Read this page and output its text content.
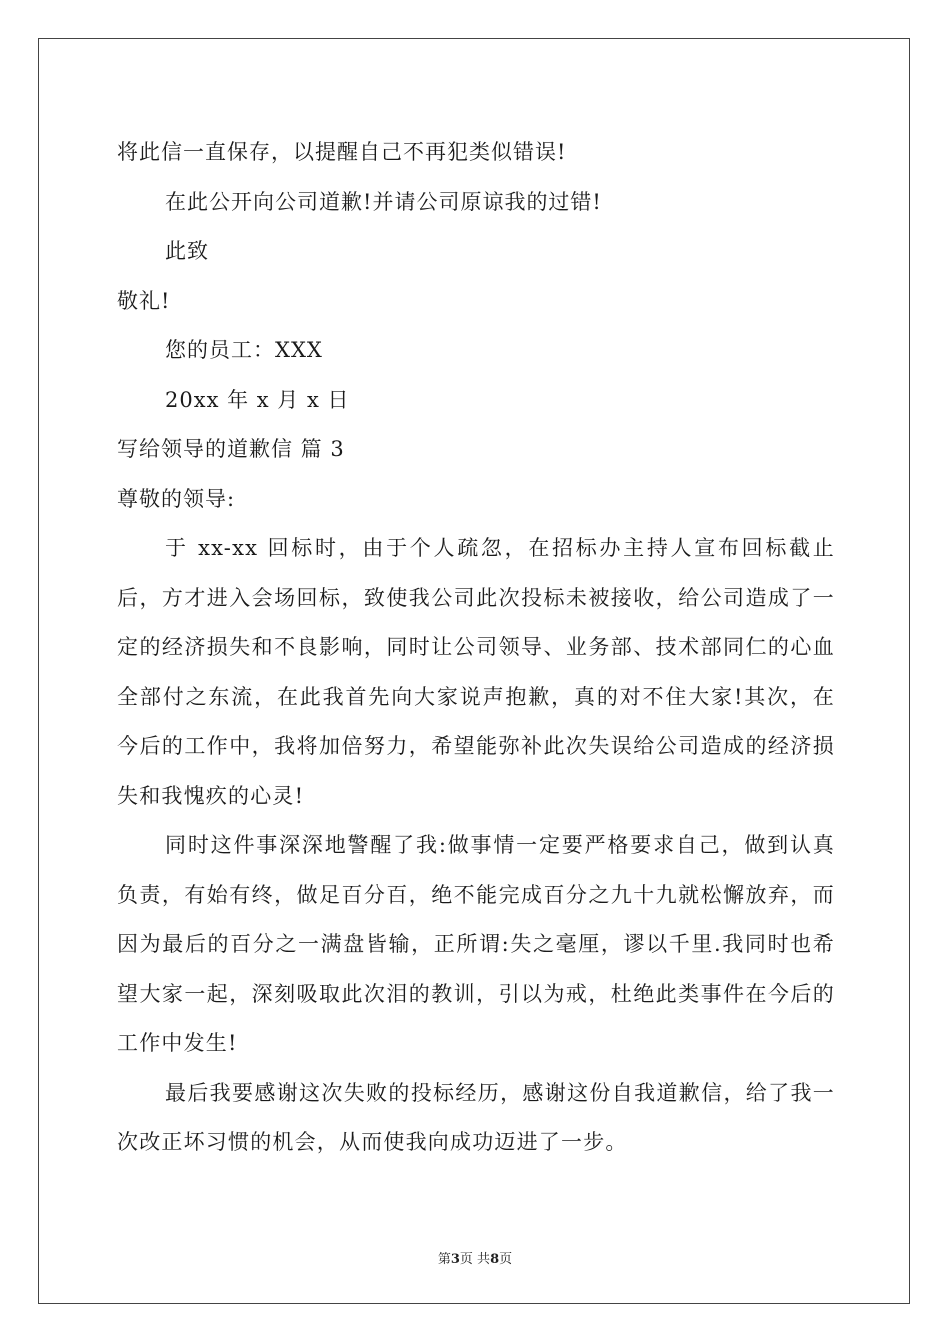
将此信一直保存，以提醒自己不再犯类似错误!
在此公开向公司道歉!并请公司原谅我的过错!
此致
敬礼!
您的员工：XXX
20xx 年 x 月 x 日
写给领导的道歉信 篇 3
尊敬的领导:

于 xx-xx 回标时，由于个人疏忽，在招标办主持人宣布回标截止后，方才进入会场回标，致使我公司此次投标未被接收，给公司造成了一定的经济损失和不良影响，同时让公司领导、业务部、技术部同仁的心血全部付之东流，在此我首先向大家说声抱歉，真的对不住大家!其次，在今后的工作中，我将加倍努力，希望能弥补此次失误给公司造成的经济损失和我愧疚的心灵!

同时这件事深深地警醒了我:做事情一定要严格要求自己，做到认真负责，有始有终，做足百分百，绝不能完成百分之九十九就松懈放弃，而因为最后的百分之一满盘皆输，正所谓:失之毫厘，谬以千里.我同时也希望大家一起，深刻吸取此次泪的教训，引以为戒，杜绝此类事件在今后的工作中发生!

最后我要感谢这次失败的投标经历，感谢这份自我道歉信，给了我一次改正坏习惯的机会，从而使我向成功迈进了一步。

第3页 共8页
